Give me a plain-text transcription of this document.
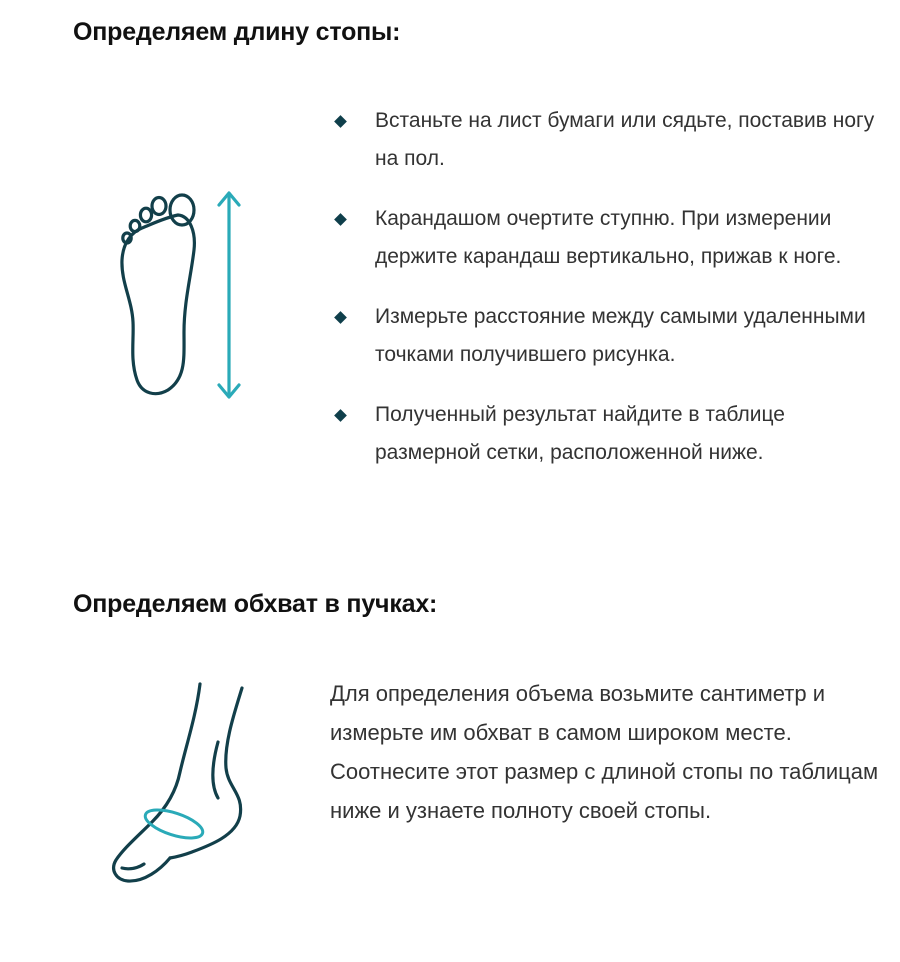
Определяем длину стопы:
Встаньте на лист бумаги или сядьте, поставив ногу на пол.
Карандашом очертите ступню. При измерении держите карандаш вертикально, прижав к ноге.
Измерьте расстояние между самыми удаленными точками получившего рисунка.
Полученный результат найдите в таблице размерной сетки, расположенной ниже.
Определяем обхват в пучках:

Для определения объема возьмите сантиметр и измерьте им обхват в самом широком месте. Соотнесите этот размер с длиной стопы по таблицам ниже и узнаете полноту своей стопы.
